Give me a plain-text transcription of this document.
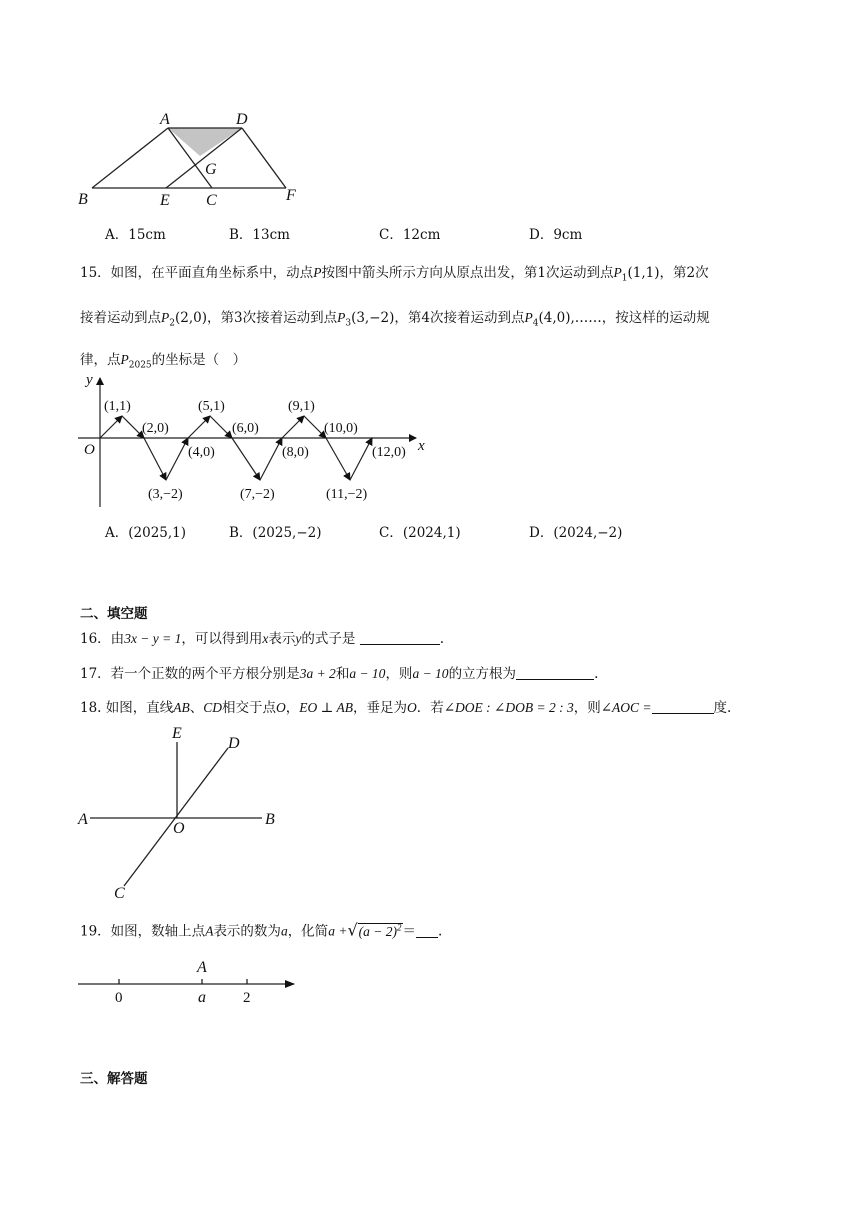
A	D
G
B	E C	F
A．15cm	B．13cm	C．12cm	D．9cm
15．如图，在平面直角坐标系中，动点P按图中箭头所示方向从原点出发，第1次运动到点$P_1(1,1)$，第2次
接着运动到点$P_2(2,0)$，第3次接着运动到点$P_3(3,-2)$，第4次接着运动到点$P_4(4,0),\dots\dots$，按这样的运动规
律，点$P_{2025}$的坐标是（　）
y
x
O
(1,1)
(2,0)
(3,−2)
(4,0)
(5,1)
(6,0)
(7,−2)
(8,0)
(9,1)
(10,0)
(11,−2)
(12,0)
A．(2025,1)	B．(2025,−2)	C．(2024,1)	D．(2024,−2)
二、填空题
16．由3x − y = 1，可以得到用x表示y的式子是	.
17．若一个正数的两个平方根分别是3a + 2和a − 10，则a − 10的立方根为	.
18. 如图，直线AB、CD相交于点O，EO ⊥ AB，垂足为O．若∠DOE : ∠DOB = 2 : 3，则∠AOC =	度.
E
D
A
O
B
C
19．如图，数轴上点A表示的数为a，化简$a +√(a - 2)^2=$ .
A
0	a 2
三、解答题
